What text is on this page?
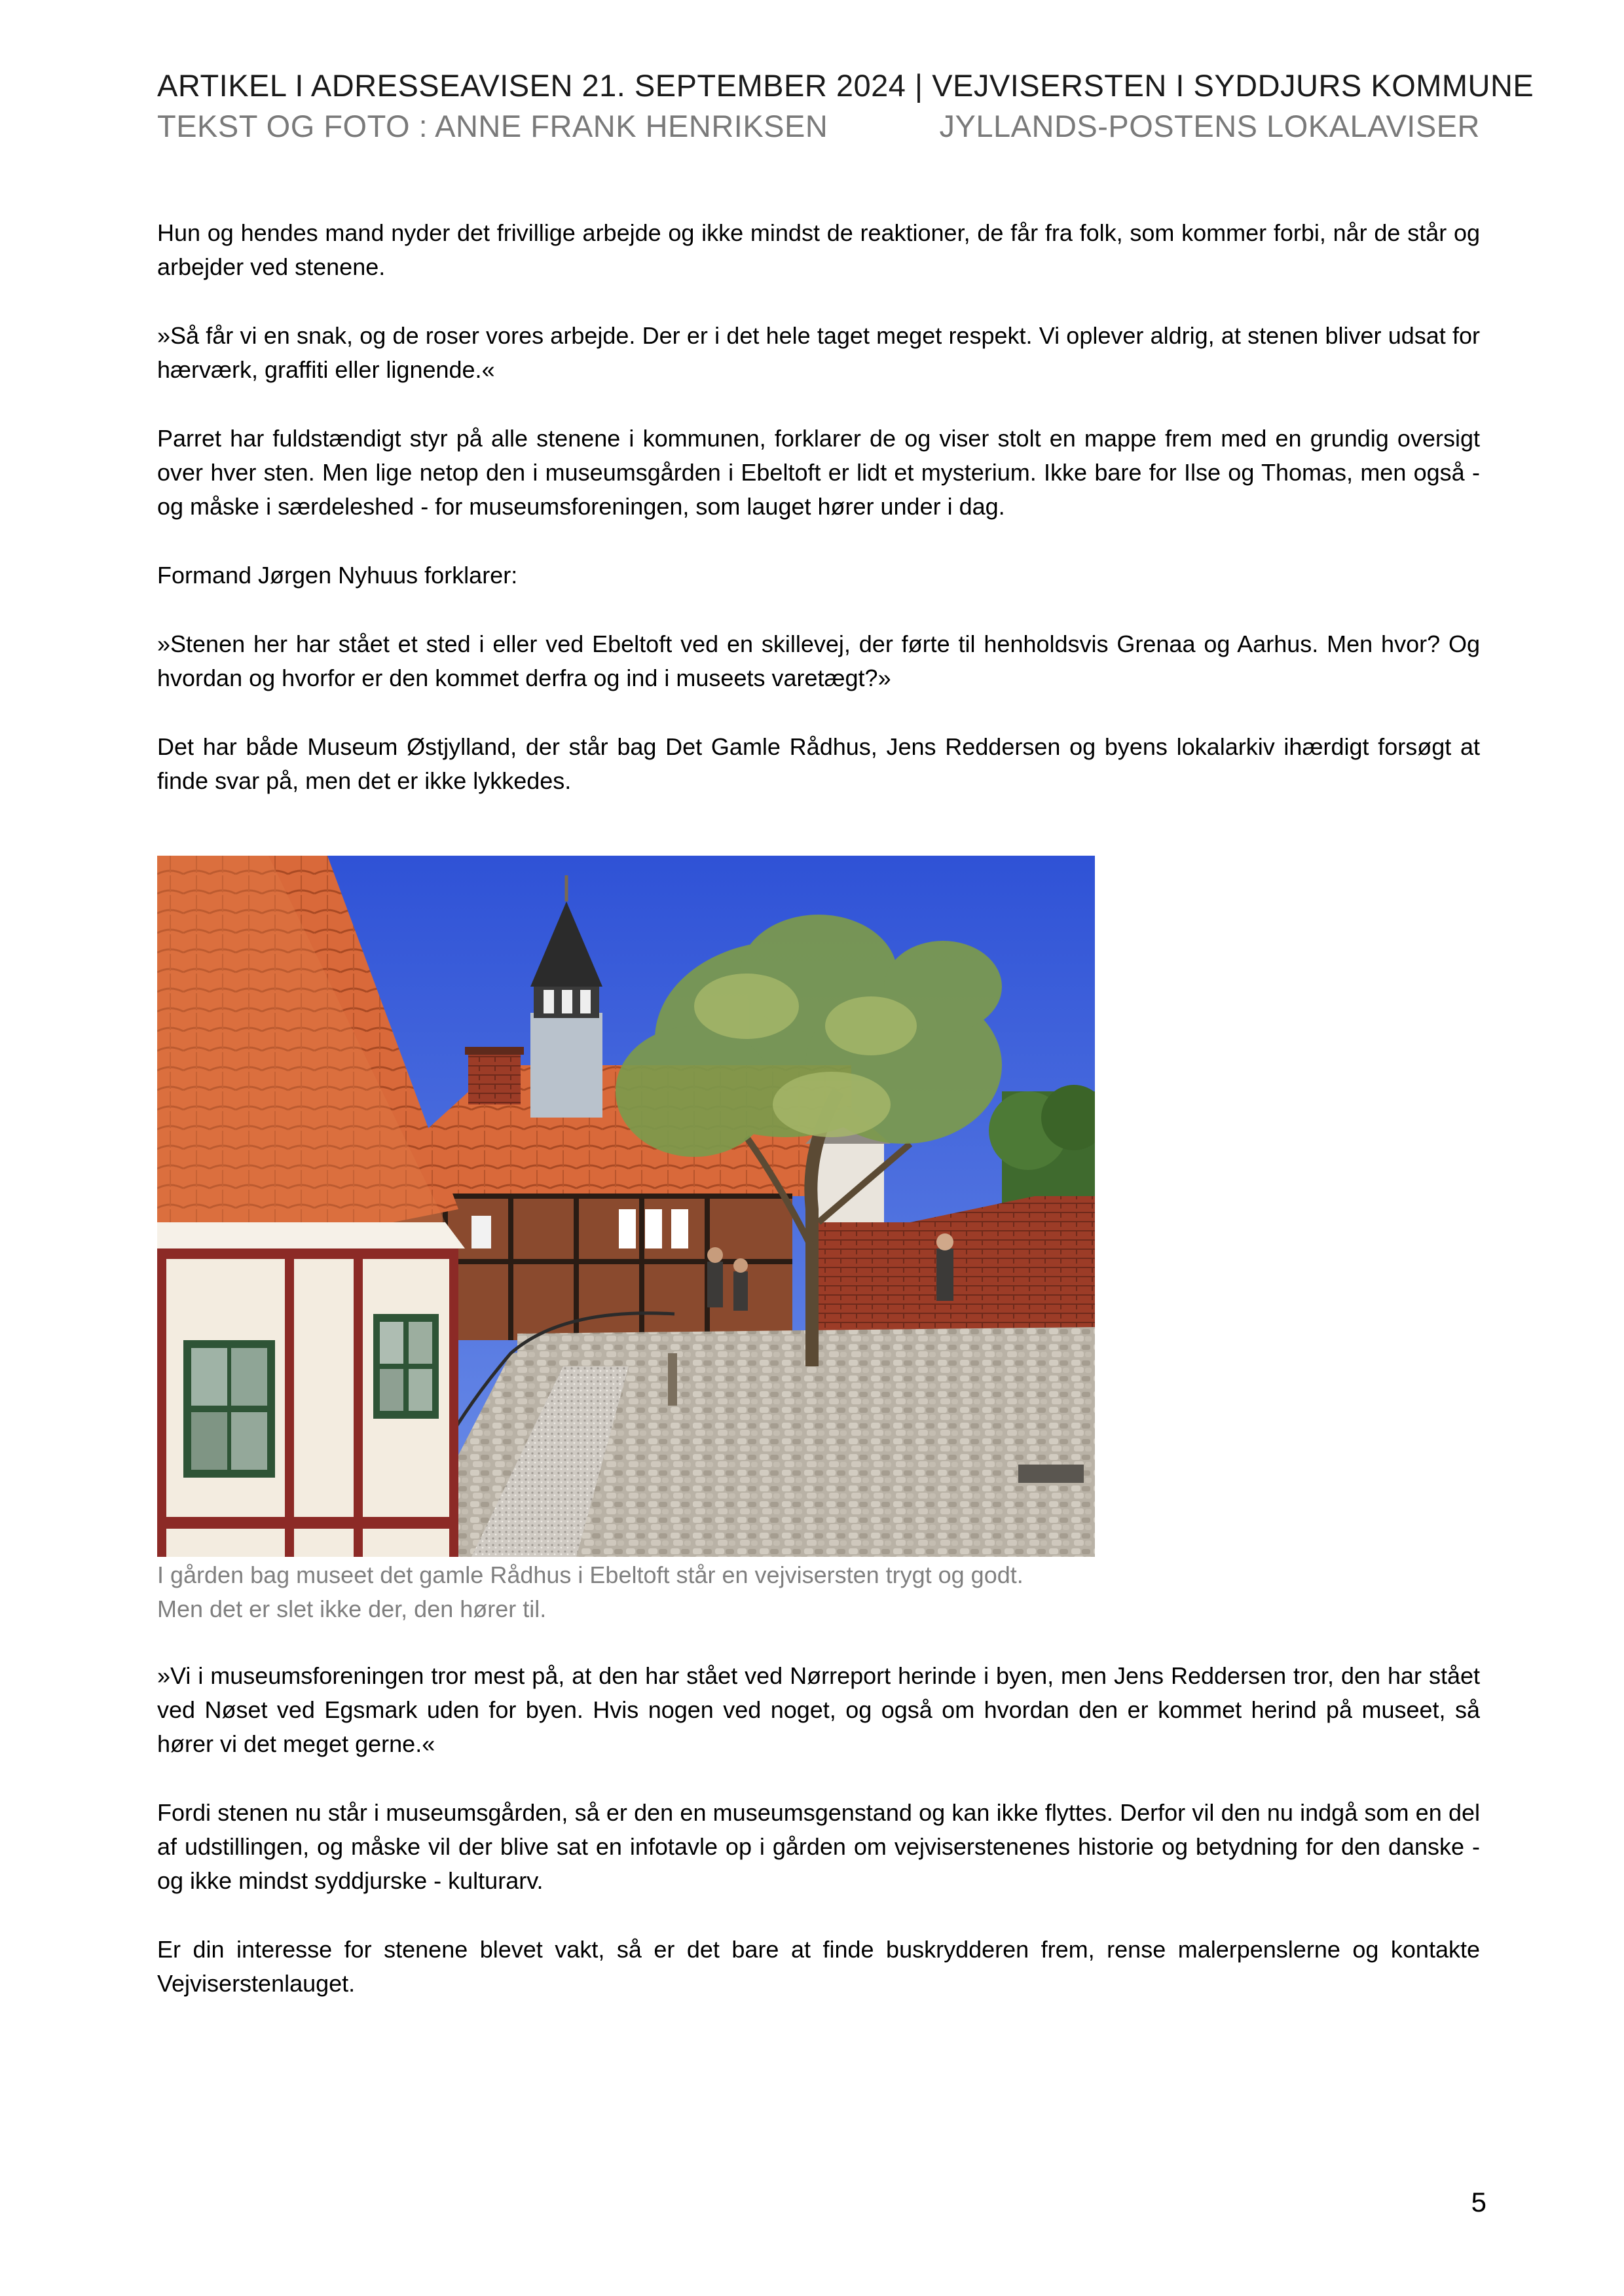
ARTIKEL I ADRESSEAVISEN 21. SEPTEMBER 2024 | VEJVISERSTEN I SYDDJURS KOMMUNE
TEKST OG FOTO : ANNE FRANK HENRIKSEN	JYLLANDS-POSTENS LOKALAVISER

Hun og hendes mand nyder det frivillige arbejde og ikke mindst de reaktioner, de får fra folk, som kommer forbi, når de står og arbejder ved stenene.

»Så får vi en snak, og de roser vores arbejde. Der er i det hele taget meget respekt. Vi oplever aldrig, at stenen bliver udsat for hærværk, graffiti eller lignende.«

Parret har fuldstændigt styr på alle stenene i kommunen, forklarer de og viser stolt en mappe frem med en grundig oversigt over hver sten. Men lige netop den i museumsgården i Ebeltoft er lidt et mysterium. Ikke bare for Ilse og Thomas, men også - og måske i særdeleshed - for museumsforeningen, som lauget hører under i dag.

Formand Jørgen Nyhuus forklarer:

»Stenen her har stået et sted i eller ved Ebeltoft ved en skillevej, der førte til henholdsvis Grenaa og Aarhus. Men hvor? Og hvordan og hvorfor er den kommet derfra og ind i museets varetægt?»

Det har både Museum Østjylland, der står bag Det Gamle Rådhus, Jens Reddersen og byens lokalarkiv ihærdigt forsøgt at finde svar på, men det er ikke lykkedes.

I gården bag museet det gamle Rådhus i Ebeltoft står en vejvisersten trygt og godt.
Men det er slet ikke der, den hører til.

»Vi i museumsforeningen tror mest på, at den har stået ved Nørreport herinde i byen, men Jens Reddersen tror, den har stået ved Nøset ved Egsmark uden for byen. Hvis nogen ved noget, og også om hvordan den er kommet herind på museet, så hører vi det meget gerne.«

Fordi stenen nu står i museumsgården, så er den en museumsgenstand og kan ikke flyttes. Derfor vil den nu indgå som en del af udstillingen, og måske vil der blive sat en infotavle op i gården om vejviserstenenes historie og betydning for den danske - og ikke mindst syddjurske - kulturarv.

Er din interesse for stenene blevet vakt, så er det bare at finde buskrydderen frem, rense malerpenslerne og kontakte Vejviserstenlauget.

5
